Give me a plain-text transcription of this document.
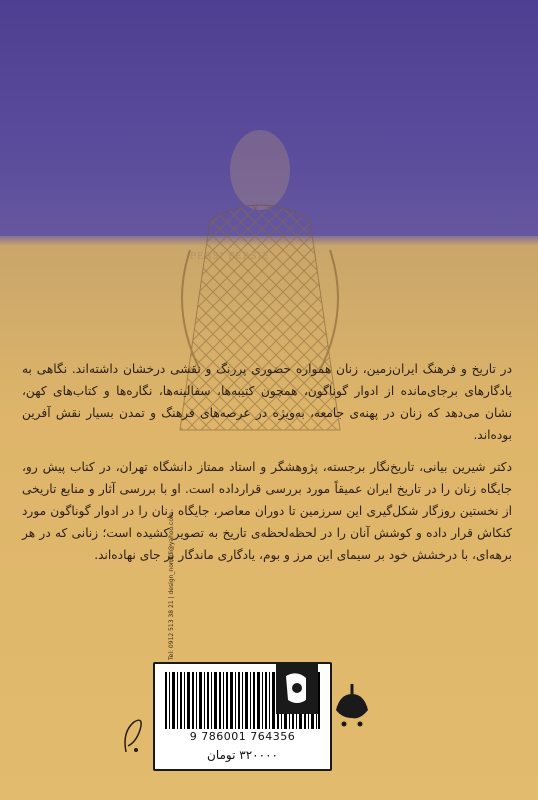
PERSI PERSIE

در تاریخ و فرهنگ ایران‌زمین، زنان همواره حضوری پررنگ و نقشی درخشان داشته‌اند. نگاهی به یادگارهای برجای‌مانده از ادوار گوناگون، همچون کتیبه‌ها، سفالینه‌ها، نگاره‌ها و کتاب‌های کهن، نشان می‌دهد که زنان در پهنه‌ی جامعه، به‌ویژه در عرصه‌های فرهنگ و تمدن بسیار نقش آفرین بوده‌اند.

دکتر شیرین بیانی، تاریخ‌نگار برجسته، پژوهشگر و استاد ممتاز دانشگاه تهران، در کتاب پیش رو، جایگاه زنان را در تاریخ ایران عمیقاً مورد بررسی قرارداده است. او با بررسی آثار و منابع تاریخی از نخستین روزگار شکل‌گیری این سرزمین تا دوران معاصر، جایگاه زنان را در ادوار گوناگون مورد کنکاش قرار داده و کوشش آنان را در لحظه‌لحظه‌ی تاریخ به تصویر کشیده است؛ زنانی که در هر برهه‌ای، با درخشش خود بر سیمای این مرز و بوم، یادگاری ماندگار بر جای نهاده‌اند.

Tel: 0912 513 38 21 | design_nomidi@yahoo.com
9 786001 764356
۳۲۰۰۰۰ تومان
